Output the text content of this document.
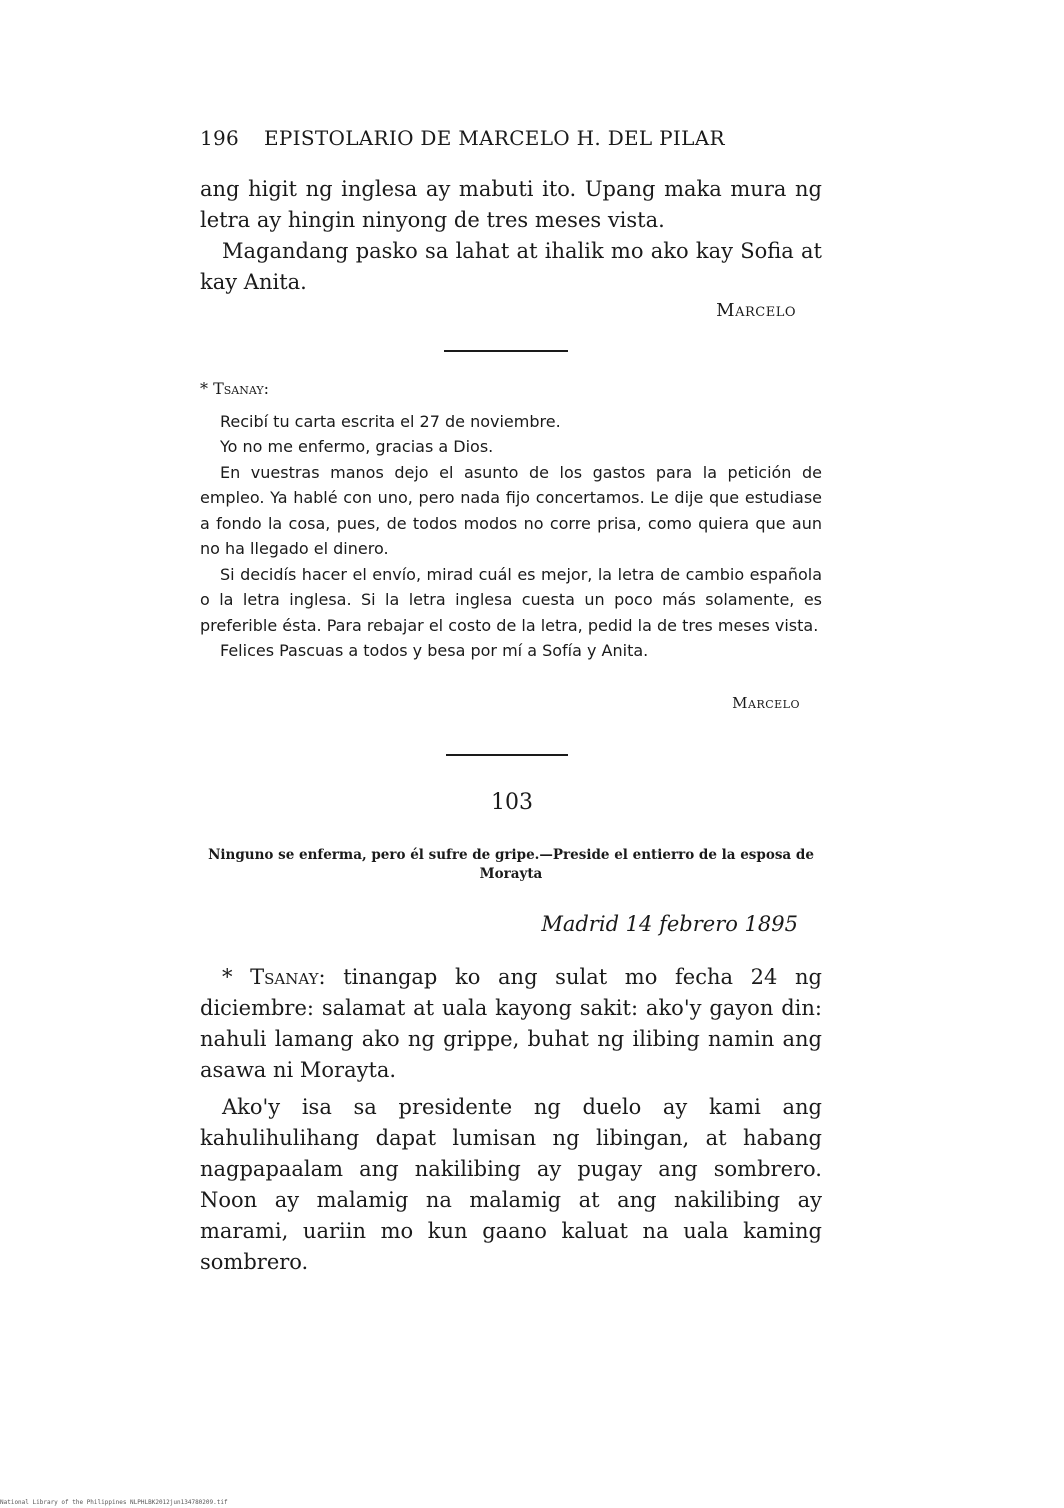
196 EPISTOLARIO DE MARCELO H. DEL PILAR

ang higit ng inglesa ay mabuti ito. Upang maka mura ng letra ay hingin ninyong de tres meses vista.

Magandang pasko sa lahat at ihalik mo ako kay Sofia at kay Anita.

Marcelo

* Tsanay:

Recibí tu carta escrita el 27 de noviembre.

Yo no me enfermo, gracias a Dios.

En vuestras manos dejo el asunto de los gastos para la petición de empleo. Ya hablé con uno, pero nada fijo concertamos. Le dije que estudiase a fondo la cosa, pues, de todos modos no corre prisa, como quiera que aun no ha llegado el dinero.

Si decidís hacer el envío, mirad cuál es mejor, la letra de cambio española o la letra inglesa. Si la letra inglesa cuesta un poco más solamente, es preferible ésta. Para rebajar el costo de la letra, pedid la de tres meses vista.

Felices Pascuas a todos y besa por mí a Sofía y Anita.

Marcelo
103
Ninguno se enferma, pero él sufre de gripe.—Preside el entierro de la esposa de Morayta
Madrid 14 febrero 1895

* Tsanay: tinangap ko ang sulat mo fecha 24 ng diciembre: salamat at uala kayong sakit: ako'y gayon din: nahuli lamang ako ng grippe, buhat ng ilibing namin ang asawa ni Morayta.

Ako'y isa sa presidente ng duelo ay kami ang kahulihulihang dapat lumisan ng libingan, at habang nagpapaalam ang nakilibing ay pugay ang sombrero. Noon ay malamig na malamig at ang nakilibing ay marami, uariin mo kun gaano kaluat na uala kaming sombrero.

National Library of the Philippines NLPHLBK2012jun134780209.tif
